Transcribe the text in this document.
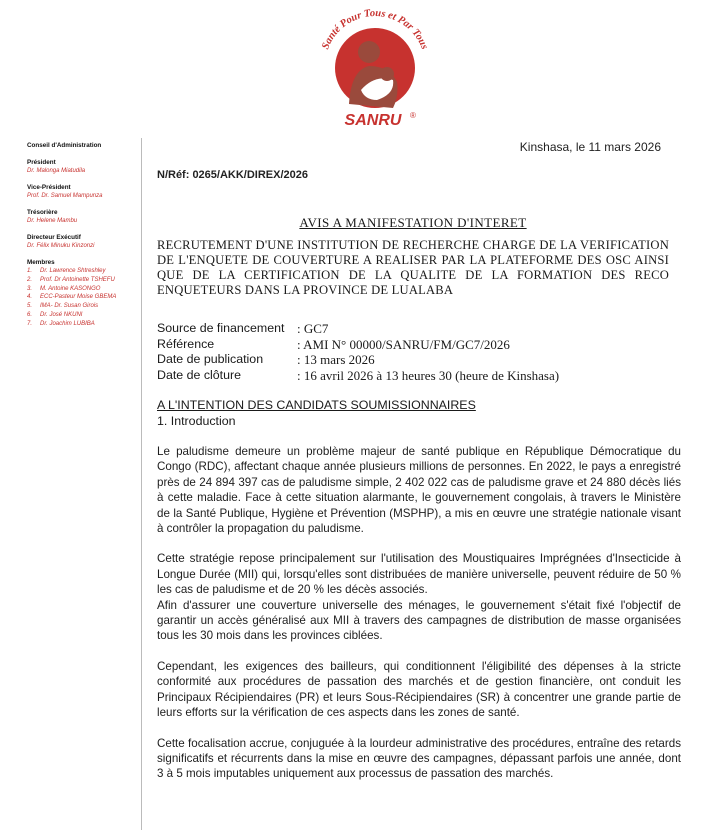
Santé Pour Tous et Par Tous
SANRU ®
Conseil d'Administration
Président
Dr. Malonga Miatudila
Vice-Président
Prof. Dr. Samuel Mampunza
Trésorière
Dr. Helene Mambu
Directeur Exécutif
Dr. Félix Minuku Kinzonzi
Membres
1.	Dr. Lawrence Shtreshley
2.	Prof. Dr Antoinette TSHEFU
3.	M. Antoine KASONGO
4.	ECC-Pasteur Moise GBEMA
5.	IMA- Dr. Susan Girois
6.	Dr. José NKUNI
7.	Dr. Joachim LUBIBA
Kinshasa, le 11 mars 2026
N/Réf: 0265/AKK/DIREX/2026
AVIS A MANIFESTATION D'INTERET
RECRUTEMENT D'UNE INSTITUTION DE RECHERCHE CHARGE DE LA VERIFICATION DE L'ENQUETE DE COUVERTURE A REALISER PAR LA PLATEFORME DES OSC AINSI QUE DE LA CERTIFICATION DE LA QUALITE DE LA FORMATION DES RECO ENQUETEURS DANS LA PROVINCE DE LUALABA
Source de financement : GC7
Référence	: AMI N° 00000/SANRU/FM/GC7/2026
Date de publication	: 13 mars 2026
Date de clôture	: 16 avril 2026 à 13 heures 30 (heure de Kinshasa)
A L'INTENTION DES CANDIDATS SOUMISSIONNAIRES
1. Introduction

Le paludisme demeure un problème majeur de santé publique en République Démocratique du Congo (RDC), affectant chaque année plusieurs millions de personnes. En 2022, le pays a enregistré près de 24 894 397 cas de paludisme simple, 2 402 022 cas de paludisme grave et 24 880 décès liés à cette maladie. Face à cette situation alarmante, le gouvernement congolais, à travers le Ministère de la Santé Publique, Hygiène et Prévention (MSPHP), a mis en œuvre une stratégie nationale visant à contrôler la propagation du paludisme.

Cette stratégie repose principalement sur l'utilisation des Moustiquaires Imprégnées d'Insecticide à Longue Durée (MII) qui, lorsqu'elles sont distribuées de manière universelle, peuvent réduire de 50 % les cas de paludisme et de 20 % les décès associés.

Afin d'assurer une couverture universelle des ménages, le gouvernement s'était fixé l'objectif de garantir un accès généralisé aux MII à travers des campagnes de distribution de masse organisées tous les 30 mois dans les provinces ciblées.

Cependant, les exigences des bailleurs, qui conditionnent l'éligibilité des dépenses à la stricte conformité aux procédures de passation des marchés et de gestion financière, ont conduit les Principaux Récipiendaires (PR) et leurs Sous-Récipiendaires (SR) à concentrer une grande partie de leurs efforts sur la vérification de ces aspects dans les zones de santé.

Cette focalisation accrue, conjuguée à la lourdeur administrative des procédures, entraîne des retards significatifs et récurrents dans la mise en œuvre des campagnes, dépassant parfois une année, dont 3 à 5 mois imputables uniquement aux processus de passation des marchés.
